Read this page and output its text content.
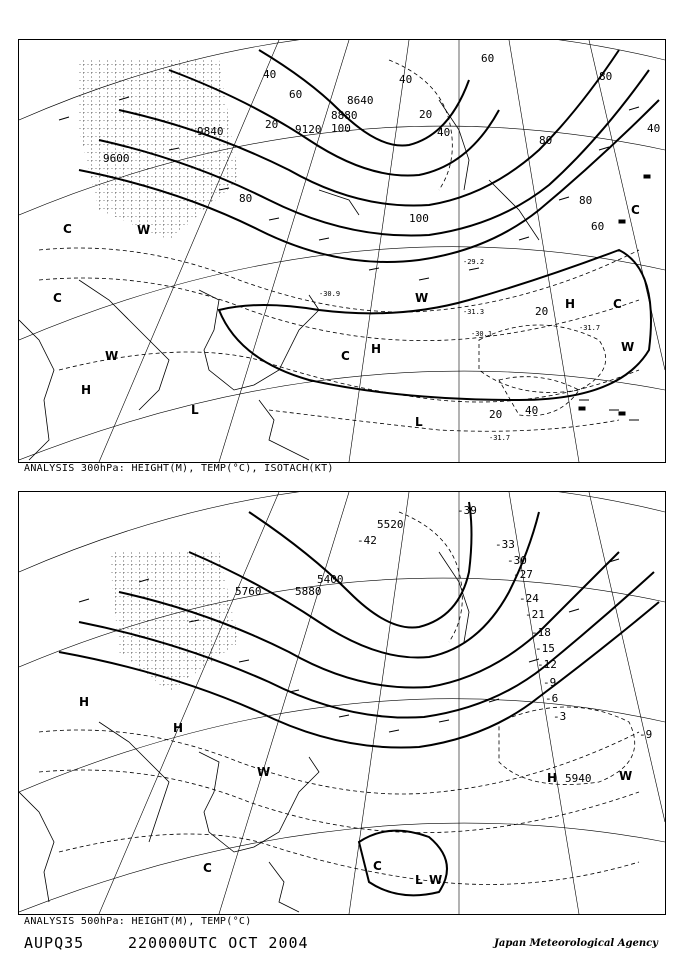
9600
9840	9120
8880
8640
40
20
60
80
100
40
20
40
80
100
60
80
40
20
20 40
60
80
-29.2
-31.3
-31.7
-30.1
-30.9
-31.7
C
C
W
W
H
L
H
C
W	H	C
W
L
C
ANALYSIS 300hPa: HEIGHT(M), TEMP(°C), ISOTACH(KT)
5760	5880
5520
5400
5940
-39
-42	-33
-30
-27
-24
-21
-18
-15
-12
-9
-6
-3
-9
H
H
W
C	C
L W
H	W
ANALYSIS 500hPa: HEIGHT(M), TEMP(°C)
AUPQ35	220000UTC OCT 2004	Japan Meteorological Agency
